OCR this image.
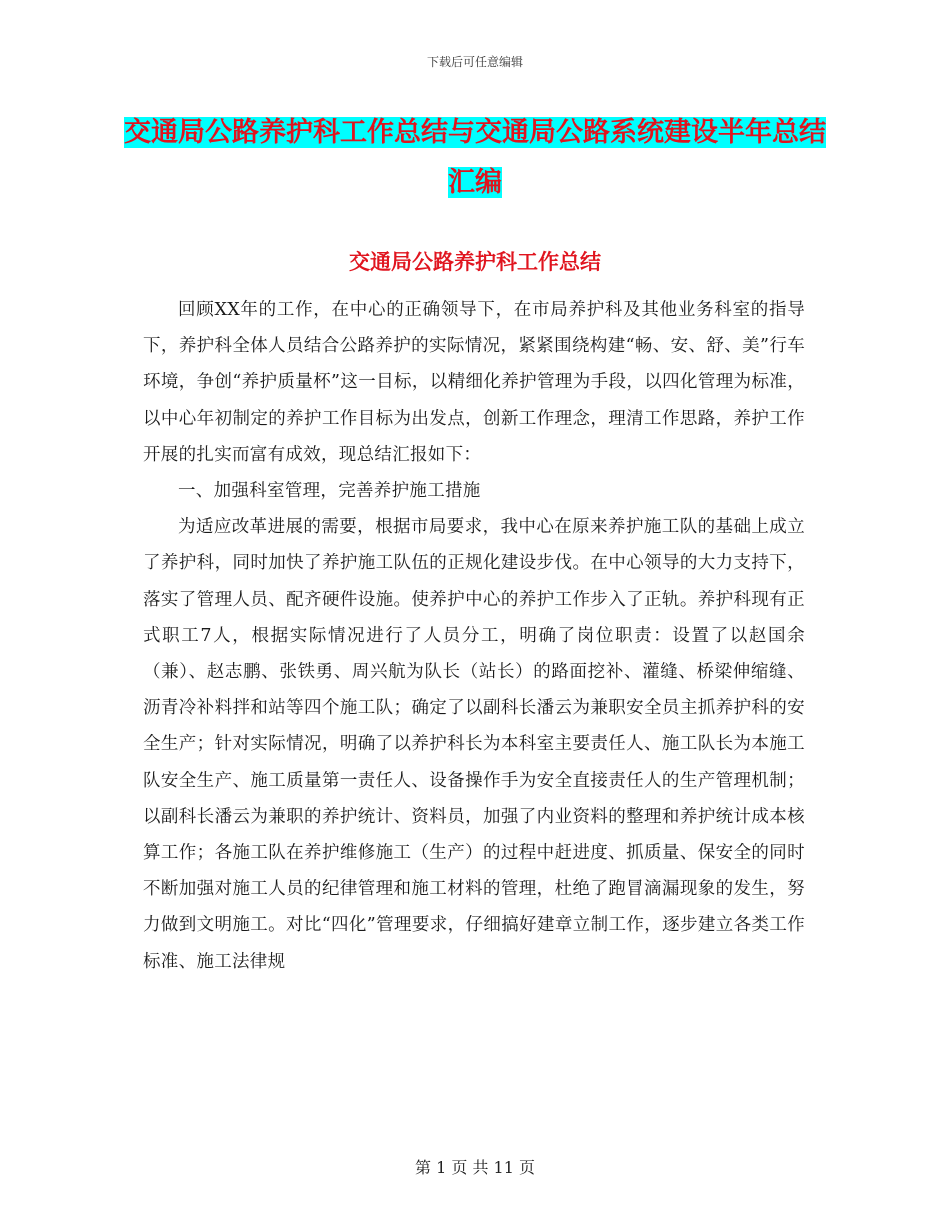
下载后可任意编辑
交通局公路养护科工作总结与交通局公路系统建设半年总结汇编
交通局公路养护科工作总结

回顾XX年的工作，在中心的正确领导下，在市局养护科及其他业务科室的指导下，养护科全体人员结合公路养护的实际情况，紧紧围绕构建“畅、安、舒、美”行车环境，争创“养护质量杯”这一目标，以精细化养护管理为手段，以四化管理为标准，以中心年初制定的养护工作目标为出发点，创新工作理念，理清工作思路，养护工作开展的扎实而富有成效，现总结汇报如下：

一、加强科室管理，完善养护施工措施

为适应改革进展的需要，根据市局要求，我中心在原来养护施工队的基础上成立了养护科，同时加快了养护施工队伍的正规化建设步伐。在中心领导的大力支持下，落实了管理人员、配齐硬件设施。使养护中心的养护工作步入了正轨。养护科现有正式职工7人，根据实际情况进行了人员分工，明确了岗位职责：设置了以赵国余（兼）、赵志鹏、张铁勇、周兴航为队长（站长）的路面挖补、灌缝、桥梁伸缩缝、沥青冷补料拌和站等四个施工队；确定了以副科长潘云为兼职安全员主抓养护科的安全生产；针对实际情况，明确了以养护科长为本科室主要责任人、施工队长为本施工队安全生产、施工质量第一责任人、设备操作手为安全直接责任人的生产管理机制；以副科长潘云为兼职的养护统计、资料员，加强了内业资料的整理和养护统计成本核算工作；各施工队在养护维修施工（生产）的过程中赶进度、抓质量、保安全的同时不断加强对施工人员的纪律管理和施工材料的管理，杜绝了跑冒滴漏现象的发生，努力做到文明施工。对比“四化”管理要求，仔细搞好建章立制工作，逐步建立各类工作标准、施工法律规

第 1 页 共 11 页
